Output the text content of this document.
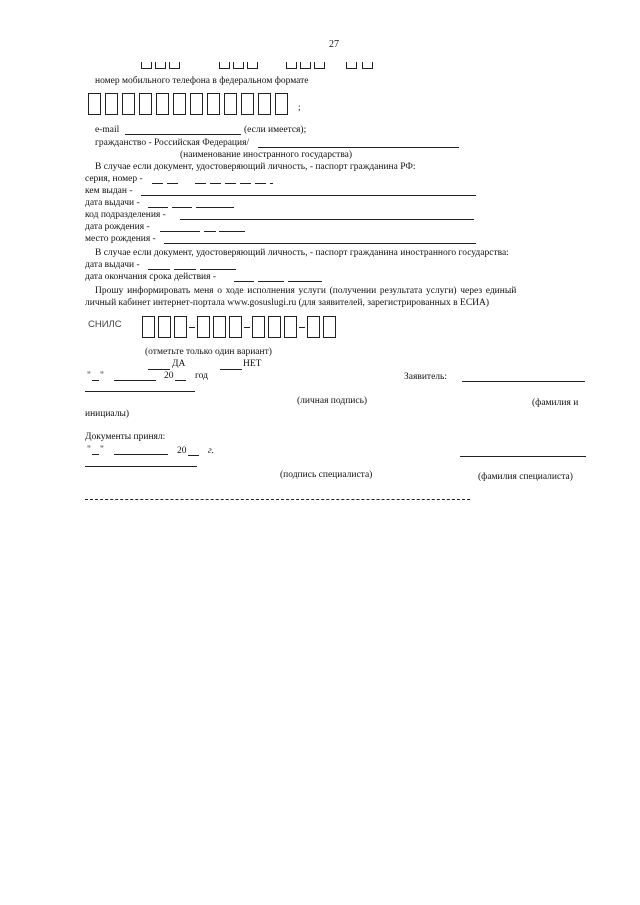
27
номер мобильного телефона в федеральном формате
;
e-mail	(если имеется);
гражданство - Российская Федерация/
(наименование иностранного государства)
В случае если документ, удостоверяющий личность, - паспорт гражданина РФ:
серия, номер -
кем выдан -
дата выдачи -
код подразделения -
дата рождения -
место рождения -
В случае если документ, удостоверяющий личность, - паспорт гражданина иностранного государства:
дата выдачи -
дата окончания срока действия -
Прошу информировать меня о ходе исполнения услуги (получении результата услуги) через единый
личный кабинет интернет-портала www.gosuslugi.ru (для заявителей, зарегистрированных в ЕСИА)
СНИЛС
(отметьте только один вариант)
ДА	НЕТ
" "	20 год	Заявитель:
(личная подпись)	(фамилия и
инициалы)
Документы принял:
" "	20 г.
(подпись специалиста)	(фамилия специалиста)
